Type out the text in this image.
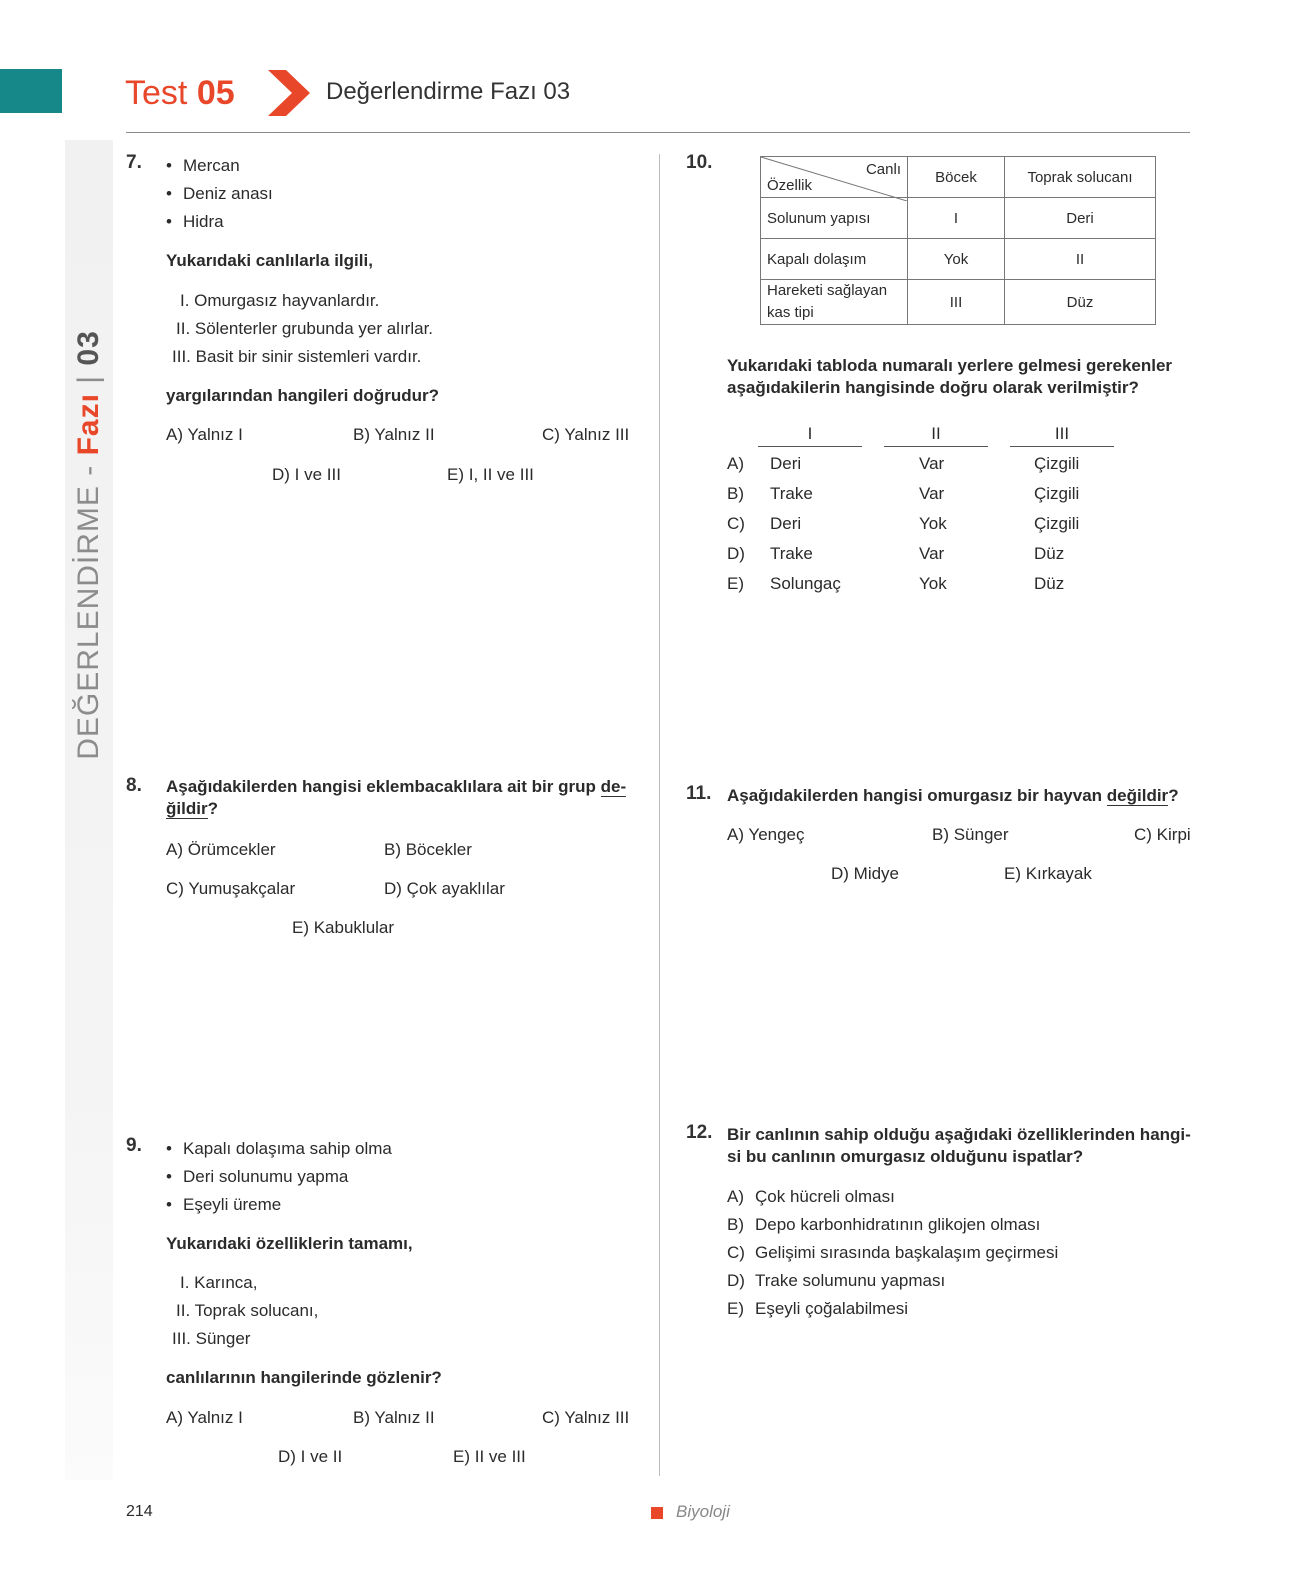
DEĞERLENDİRME - Fazı | 03
Test 05	Değerlendirme Fazı 03
7. • Mercan
• Deniz anası
• Hidra
Yukarıdaki canlılarla ilgili,
I. Omurgasız hayvanlardır.
II. Sölenterler grubunda yer alırlar.
III. Basit bir sinir sistemleri vardır.
yargılarından hangileri doğrudur?
A) Yalnız I	B) Yalnız II	C) Yalnız III
D) I ve III	E) I, II ve III
8. Aşağıdakilerden hangisi eklembacaklılara ait bir grup de-
ğildir?
A) Örümcekler	B) Böcekler
C) Yumuşakçalar	D) Çok ayaklılar
E) Kabuklular
9. • Kapalı dolaşıma sahip olma
• Deri solunumu yapma
• Eşeyli üreme
Yukarıdaki özelliklerin tamamı,
I. Karınca,
II. Toprak solucanı,
III. Sünger
canlılarının hangilerinde gözlenir?
A) Yalnız I	B) Yalnız II	C) Yalnız III
D) I ve II	E) II ve III
10.	Canlı
Özellik	Böcek	Toprak solucanı
Solunum yapısı	I	Deri
Kapalı dolaşım	Yok	II

Hareketi sağlayan
kas tipi	III	Düz
Yukarıdaki tabloda numaralı yerlere gelmesi gerekenler
aşağıdakilerin hangisinde doğru olarak verilmiştir?
I	II	III
A) Deri	Var	Çizgili
B) Trake	Var	Çizgili
C) Deri	Yok	Çizgili
D) Trake	Var	Düz
E) Solungaç	Yok	Düz
11. Aşağıdakilerden hangisi omurgasız bir hayvan değildir?
A) Yengeç	B) Sünger	C) Kirpi
D) Midye	E) Kırkayak
12. Bir canlının sahip olduğu aşağıdaki özelliklerinden hangi-
si bu canlının omurgasız olduğunu ispatlar?
A) Çok hücreli olması
B) Depo karbonhidratının glikojen olması
C) Gelişimi sırasında başkalaşım geçirmesi
D) Trake solumunu yapması
E) Eşeyli çoğalabilmesi
214	Biyoloji
